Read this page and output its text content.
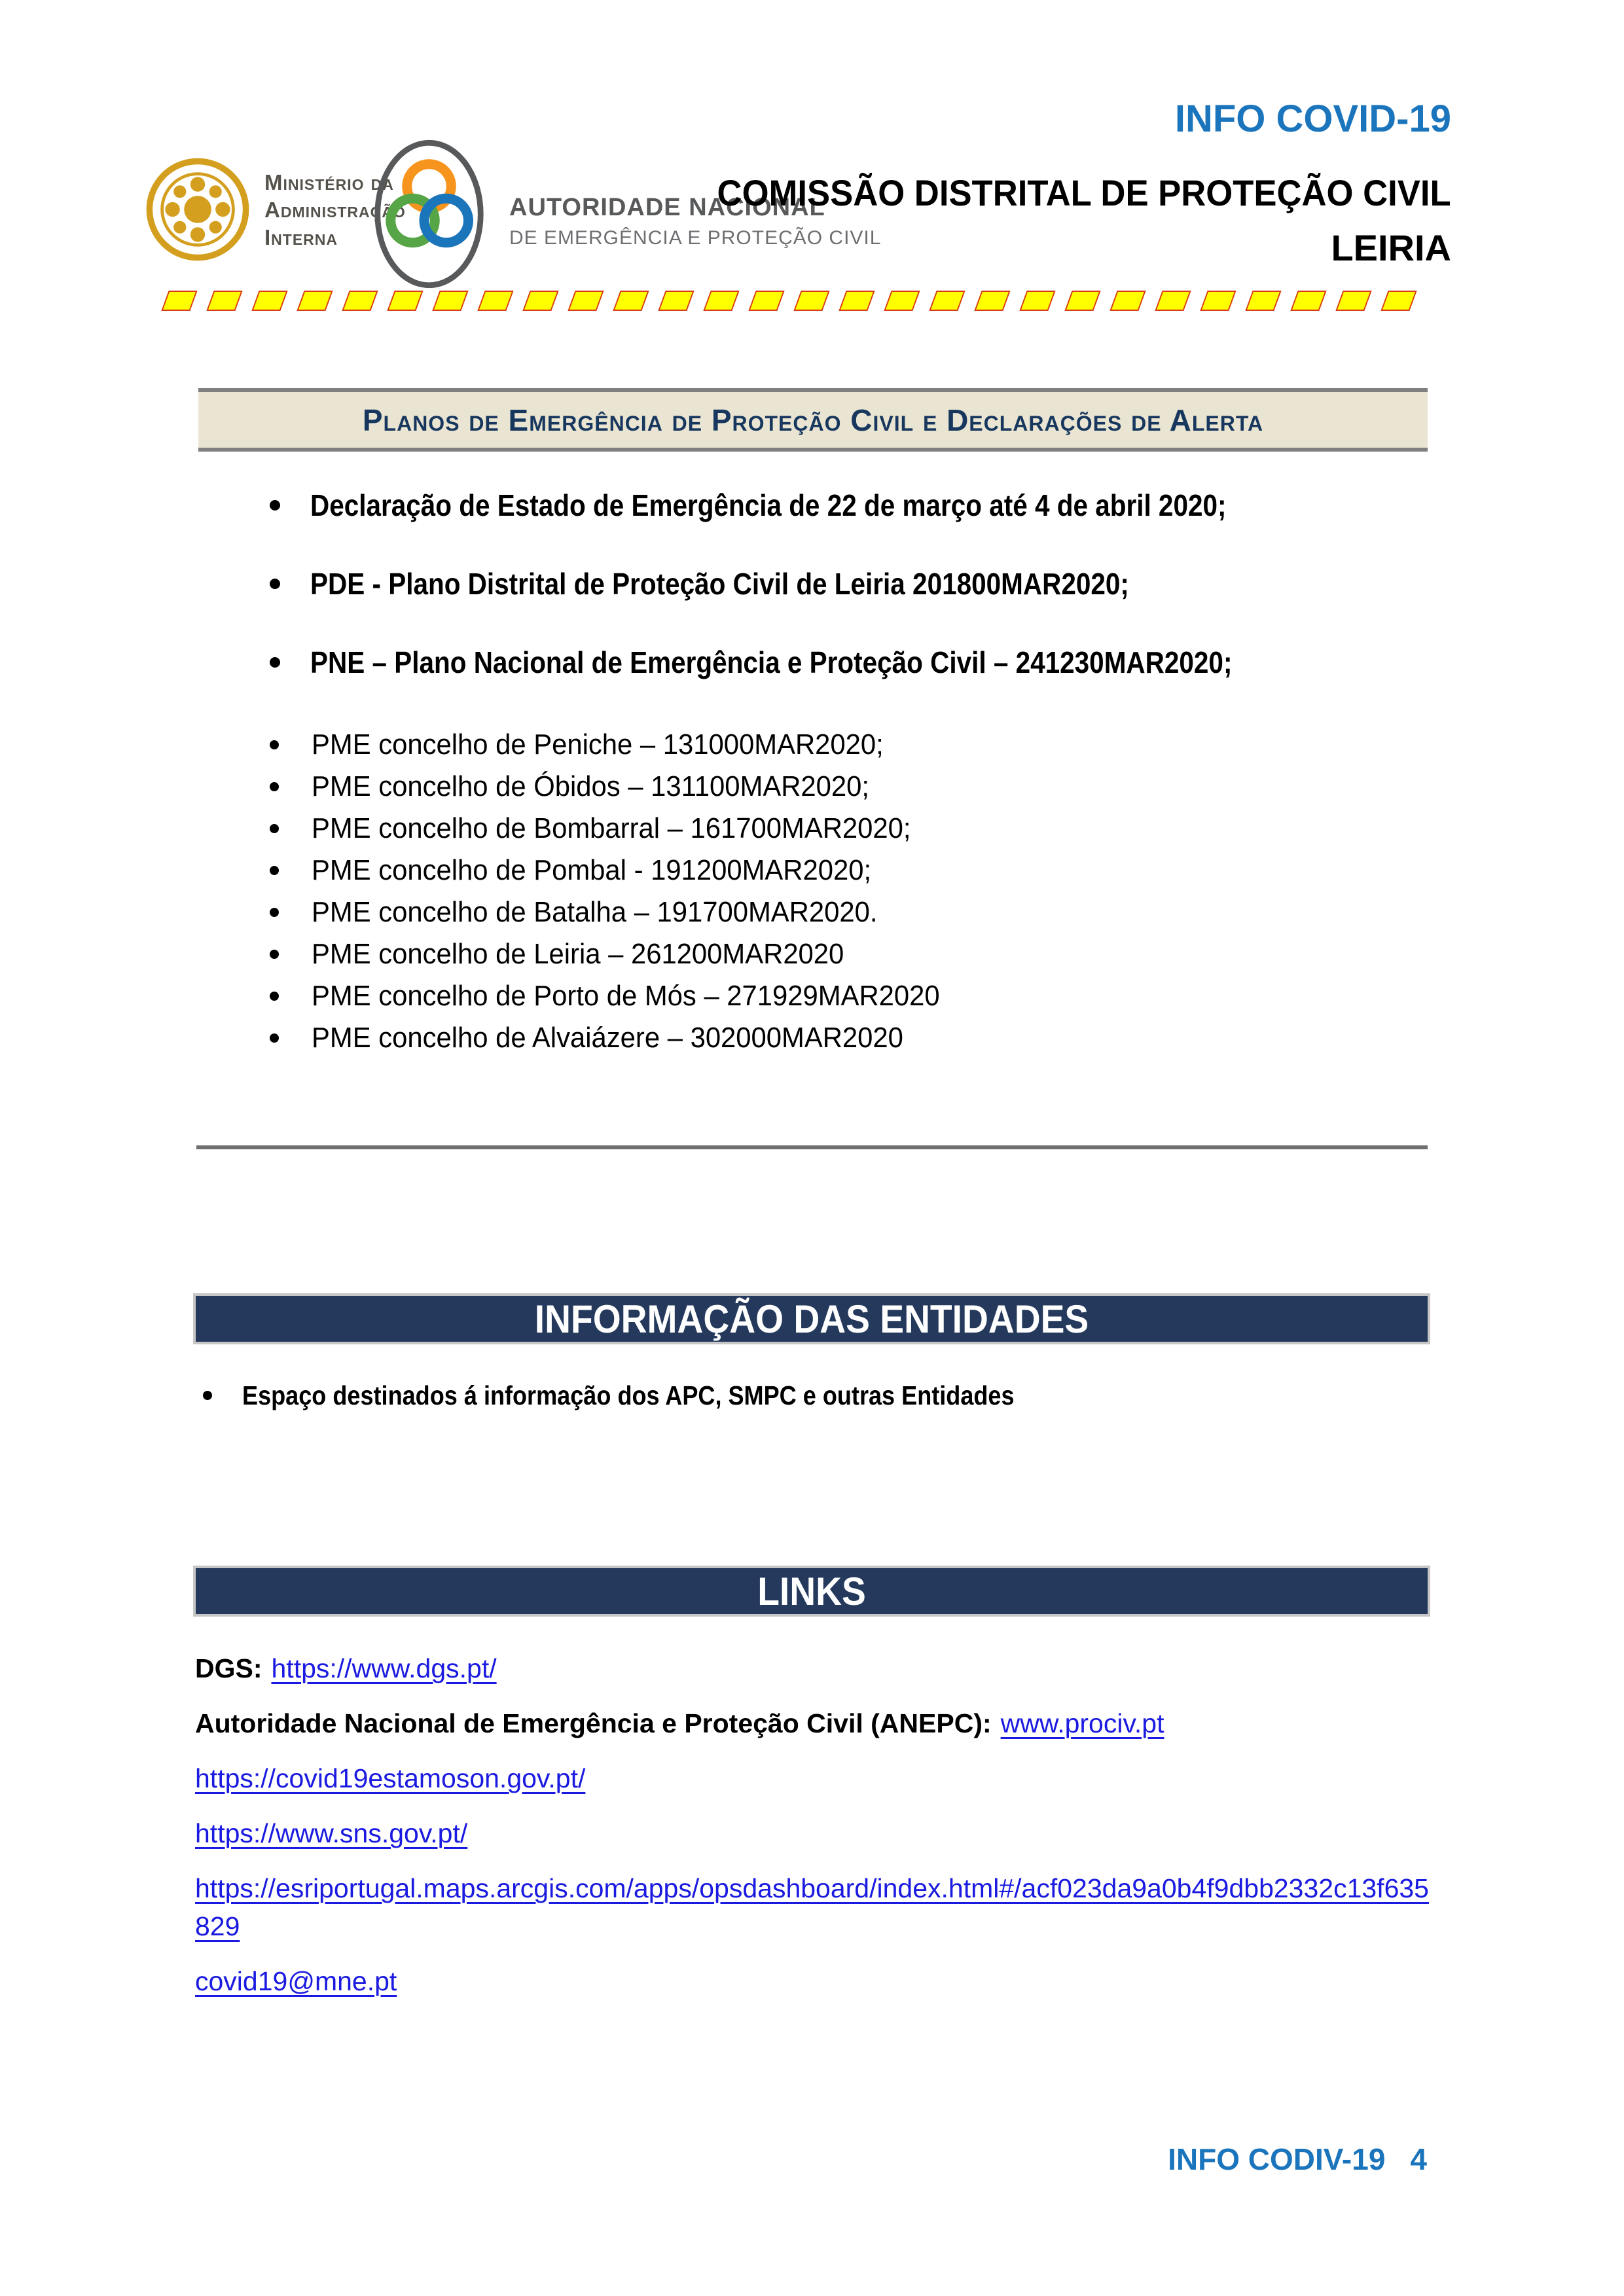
Ministério da
Administração
Interna
AUTORIDADE NACIONAL
DE EMERGÊNCIA E PROTEÇÃO CIVIL
INFO COVID-19
COMISSÃO DISTRITAL DE PROTEÇÃO CIVIL
LEIRIA
Planos de Emergência de Proteção Civil e Declarações de Alerta
Declaração de Estado de Emergência de 22 de março até 4 de abril 2020;
PDE - Plano Distrital de Proteção Civil de Leiria 201800MAR2020;
PNE – Plano Nacional de Emergência e Proteção Civil – 241230MAR2020;
PME concelho de Peniche – 131000MAR2020;
PME concelho de Óbidos – 131100MAR2020;
PME concelho de Bombarral – 161700MAR2020;
PME concelho de Pombal - 191200MAR2020;
PME concelho de Batalha – 191700MAR2020.
PME concelho de Leiria – 261200MAR2020
PME concelho de Porto de Mós – 271929MAR2020
PME concelho de Alvaiázere – 302000MAR2020
INFORMAÇÃO DAS ENTIDADES
Espaço destinados á informação dos APC, SMPC e outras Entidades
LINKS

DGS: https://www.dgs.pt/

Autoridade Nacional de Emergência e Proteção Civil (ANEPC): www.prociv.pt

https://covid19estamoson.gov.pt/

https://www.sns.gov.pt/

https://esriportugal.maps.arcgis.com/apps/opsdashboard/index.html#/acf023da9a0b4f9dbb2332c13f635829

covid19@mne.pt

INFO CODIV-19 4
